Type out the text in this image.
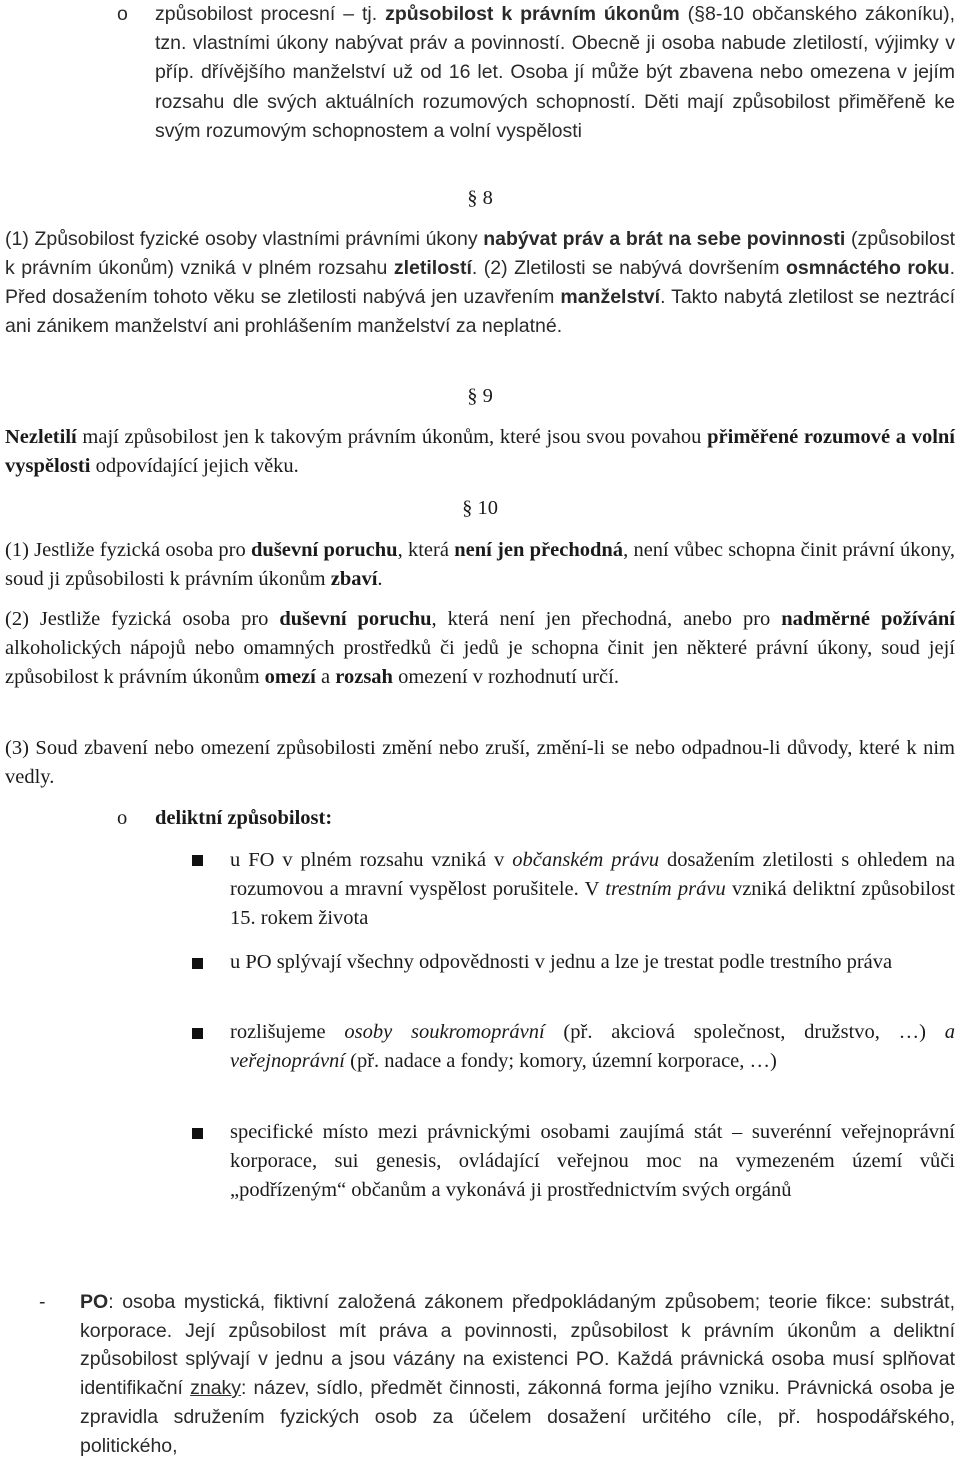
o způsobilost procesní – tj. způsobilost k právním úkonům (§8-10 občanského zákoníku), tzn. vlastními úkony nabývat práv a povinností. Obecně ji osoba nabude zletilostí, výjimky v příp. dřívějšího manželství už od 16 let. Osoba jí může být zbavena nebo omezena v jejím rozsahu dle svých aktuálních rozumových schopností. Děti mají způsobilost přiměřeně ke svým rozumovým schopnostem a volní vyspělosti

§ 8

(1) Způsobilost fyzické osoby vlastními právními úkony nabývat práv a brát na sebe povinnosti (způsobilost k právním úkonům) vzniká v plném rozsahu zletilostí. (2) Zletilosti se nabývá dovršením osmnáctého roku. Před dosažením tohoto věku se zletilosti nabývá jen uzavřením manželství. Takto nabytá zletilost se neztrácí ani zánikem manželství ani prohlášením manželství za neplatné.

§ 9

Nezletilí mají způsobilost jen k takovým právním úkonům, které jsou svou povahou přiměřené rozumové a volní vyspělosti odpovídající jejich věku.

§ 10

(1) Jestliže fyzická osoba pro duševní poruchu, která není jen přechodná, není vůbec schopna činit právní úkony, soud ji způsobilosti k právním úkonům zbaví.

(2) Jestliže fyzická osoba pro duševní poruchu, která není jen přechodná, anebo pro nadměrné požívání alkoholických nápojů nebo omamných prostředků či jedů je schopna činit jen některé právní úkony, soud její způsobilost k právním úkonům omezí a rozsah omezení v rozhodnutí určí.

(3) Soud zbavení nebo omezení způsobilosti změní nebo zruší, změní-li se nebo odpadnou-li důvody, které k nim vedly.

o deliktní způsobilost:

u FO v plném rozsahu vzniká v občanském právu dosažením zletilosti s ohledem na rozumovou a mravní vyspělost porušitele. V trestním právu vzniká deliktní způsobilost 15. rokem života

u PO splývají všechny odpovědnosti v jednu a lze je trestat podle trestního práva

rozlišujeme osoby soukromoprávní (př. akciová společnost, družstvo, …) a veřejnoprávní (př. nadace a fondy; komory, územní korporace, …)

specifické místo mezi právnickými osobami zaujímá stát – suverénní veřejnoprávní korporace, sui genesis, ovládající veřejnou moc na vymezeném území vůči „podřízeným“ občanům a vykonává ji prostřednictvím svých orgánů

- PO: osoba mystická, fiktivní založená zákonem předpokládaným způsobem; teorie fikce: substrát, korporace. Její způsobilost mít práva a povinnosti, způsobilost k právním úkonům a deliktní způsobilost splývají v jednu a jsou vázány na existenci PO. Každá právnická osoba musí splňovat identifikační znaky: název, sídlo, předmět činnosti, zákonná forma jejího vzniku. Právnická osoba je zpravidla sdružením fyzických osob za účelem dosažení určitého cíle, př. hospodářského, politického,
